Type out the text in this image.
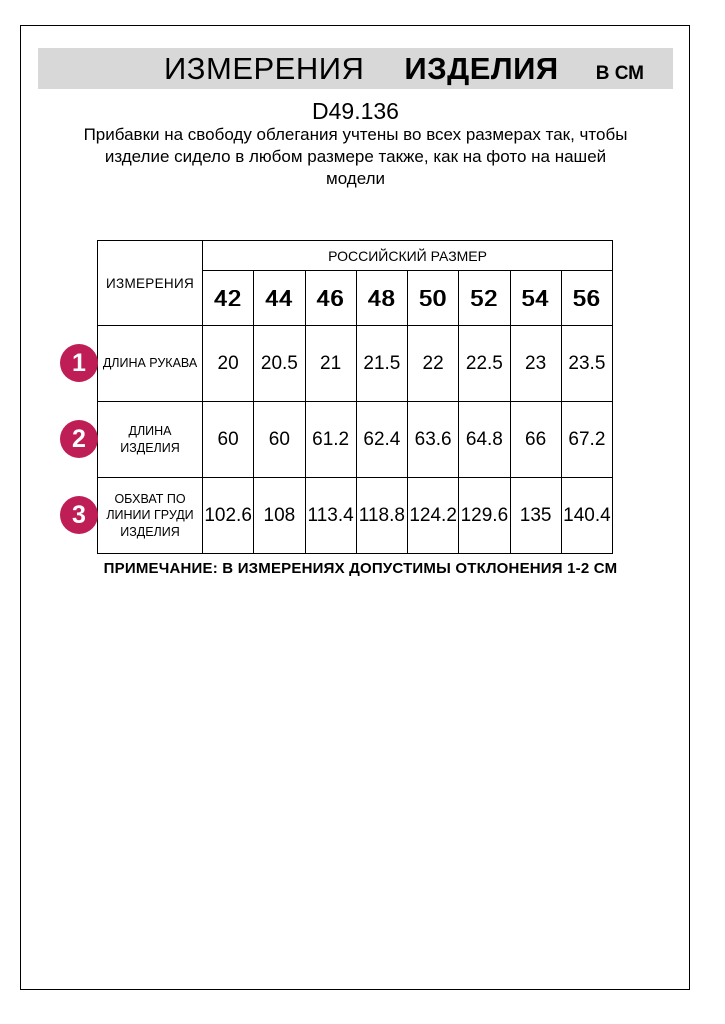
ИЗМЕРЕНИЯ ИЗДЕЛИЯ В СМ
D49.136
Прибавки на свободу облегания учтены во всех размерах так, чтобы
изделие сидело в любом размере также, как на фото на нашей
модели
ИЗМЕРЕНИЯ	РОССИЙСКИЙ РАЗМЕР							
	42	44	46	48	50	52	54	56
ДЛИНА РУКАВА	20	20.5	21	21.5	22	22.5	23	23.5
ДЛИНА ИЗДЕЛИЯ	60	60	61.2	62.4	63.6	64.8	66	67.2
ОБХВАТ ПО ЛИНИИ ГРУДИ ИЗДЕЛИЯ	102.6	108	113.4	118.8	124.2	129.6	135	140.4
1
2
3
ПРИМЕЧАНИЕ: В ИЗМЕРЕНИЯХ ДОПУСТИМЫ ОТКЛОНЕНИЯ 1-2 СМ
